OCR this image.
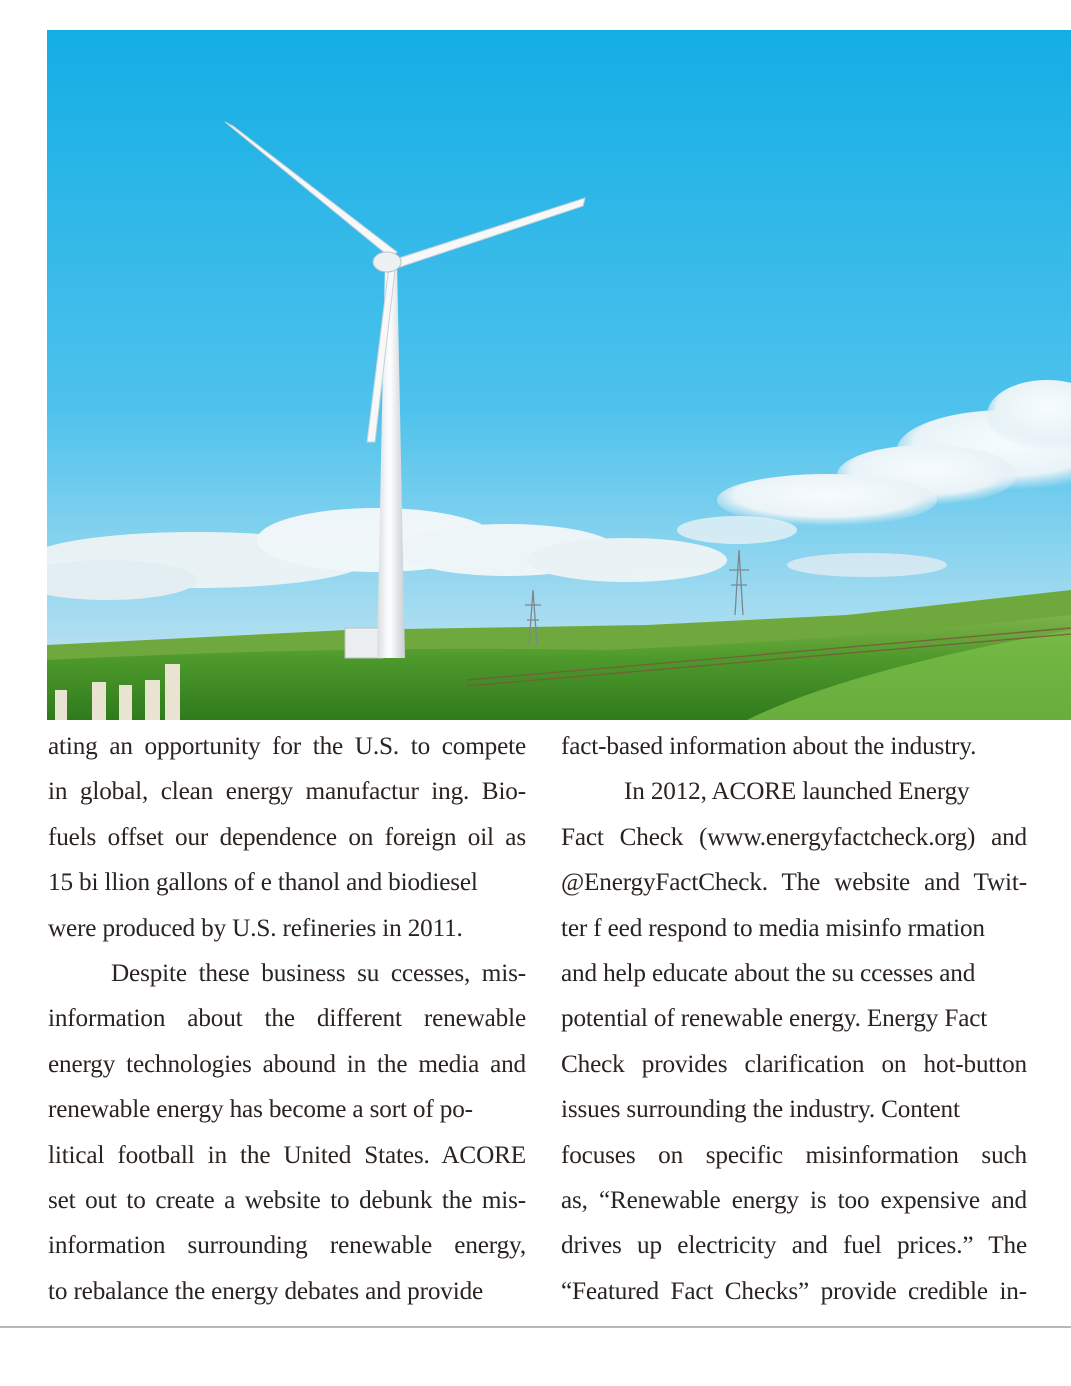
ating an opportunity for the U.S. to compete
in global, clean energy manufactur ing. Bio-
fuels offset our dependence on foreign oil as
15 bi llion gallons of e thanol and biodiesel
were produced by U.S. refineries in 2011.
Despite these business su ccesses, mis-
information about the different renewable
energy technologies abound in the media and
renewable energy has become a sort of po-
litical football in the United States. ACORE
set out to create a website to debunk the mis-
information surrounding renewable energy,
to rebalance the energy debates and provide
fact-based information about the industry.
In 2012, ACORE launched Energy
Fact Check (www.energyfactcheck.org) and
@EnergyFactCheck. The website and Twit-
ter f eed respond to media misinfo rmation
and help educate about the su ccesses and
potential of renewable energy. Energy Fact
Check provides clarification on hot-button
issues surrounding the industry. Content
focuses on specific misinformation such
as, “Renewable energy is too expensive and
drives up electricity and fuel prices.” The
“Featured Fact Checks” provide credible in-
